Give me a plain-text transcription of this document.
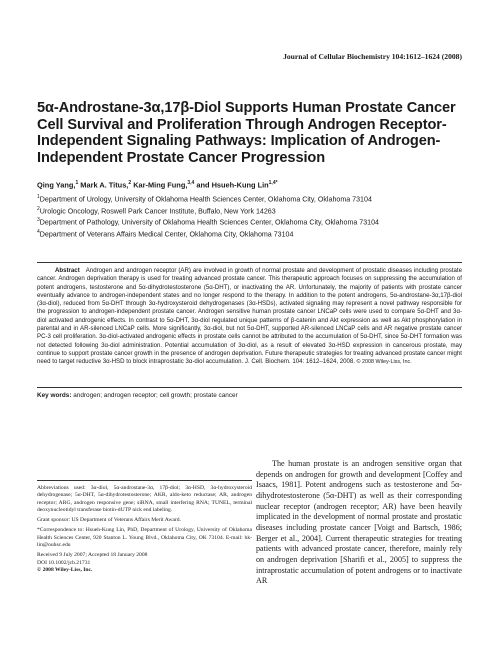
Journal of Cellular Biochemistry 104:1612–1624 (2008)
5α-Androstane-3α,17β-Diol Supports Human Prostate Cancer Cell Survival and Proliferation Through Androgen Receptor-Independent Signaling Pathways: Implication of Androgen-Independent Prostate Cancer Progression
Qing Yang,$^1$ Mark A. Titus,$^2$ Kar-Ming Fung,$^{3,4}$ and Hsueh-Kung Lin$^{1,4*}$
$^1$Department of Urology, University of Oklahoma Health Sciences Center, Oklahoma City, Oklahoma 73104
$^2$Urologic Oncology, Roswell Park Cancer Institute, Buffalo, New York 14263
$^3$Department of Pathology, University of Oklahoma Health Sciences Center, Oklahoma City, Oklahoma 73104
$^4$Department of Veterans Affairs Medical Center, Oklahoma City, Oklahoma 73104
Abstract Androgen and androgen receptor (AR) are involved in growth of normal prostate and development of prostatic diseases including prostate cancer. Androgen deprivation therapy is used for treating advanced prostate cancer. This therapeutic approach focuses on suppressing the accumulation of potent androgens, testosterone and 5α-dihydrotestosterone (5α-DHT), or inactivating the AR. Unfortunately, the majority of patients with prostate cancer eventually advance to androgen-independent states and no longer respond to the therapy. In addition to the potent androgens, 5α-androstane-3α,17β-diol (3α-diol), reduced from 5α-DHT through 3α-hydroxysteroid dehydrogenases (3α-HSDs), activated signaling may represent a novel pathway responsible for the progression to androgen-independent prostate cancer. Androgen sensitive human prostate cancer LNCaP cells were used to compare 5α-DHT and 3α-diol activated androgenic effects. In contrast to 5α-DHT, 3α-diol regulated unique patterns of β-catenin and Akt expression as well as Akt phosphorylation in parental and in AR-silenced LNCaP cells. More significantly, 3α-diol, but not 5α-DHT, supported AR-silenced LNCaP cells and AR negative prostate cancer PC-3 cell proliferation. 3α-diol-activated androgenic effects in prostate cells cannot be attributed to the accumulation of 5α-DHT, since 5α-DHT formation was not detected following 3α-diol administration. Potential accumulation of 3α-diol, as a result of elevated 3α-HSD expression in cancerous prostate, may continue to support prostate cancer growth in the presence of androgen deprivation. Future therapeutic strategies for treating advanced prostate cancer might need to target reductive 3α-HSD to block intraprostatic 3α-diol accumulation. J. Cell. Biochem. 104: 1612–1624, 2008. © 2008 Wiley-Liss, Inc.
Key words: androgen; androgen receptor; cell growth; prostate cancer
Abbreviations used: 3α-diol, 5α-androstane-3α, 17β-diol; 3α-HSD, 3α-hydroxysteroid dehydrogenase; 5α-DHT, 5α-dihydrotestosterone; AKR, aldo-keto reductase; AR, androgen receptor; ARG, androgen responsive gene; siRNA, small interfering RNA; TUNEL, terminal deoxynucleotidyl transferase biotin-dUTP nick end labeling.
Grant sponsor: US Department of Veterans Affairs Merit Award.
*Correspondence to: Hsueh-Kung Lin, PhD, Department of Urology, University of Oklahoma Health Sciences Center, 920 Stanton L. Young Blvd., Oklahoma City, OK 73104. E-mail: hk-lin@ouhsc.edu
Received 9 July 2007; Accepted 18 January 2008
DOI 10.1002/jcb.21731
© 2008 Wiley-Liss, Inc.
The human prostate is an androgen sensitive organ that depends on androgen for growth and development [Coffey and Isaacs, 1981]. Potent androgens such as testosterone and 5α-dihydrotestosterone (5α-DHT) as well as their corresponding nuclear receptor (androgen receptor; AR) have been heavily implicated in the development of normal prostate and prostatic diseases including prostate cancer [Voigt and Bartsch, 1986; Berger et al., 2004]. Current therapeutic strategies for treating patients with advanced prostate cancer, therefore, mainly rely on androgen deprivation [Sharifi et al., 2005] to suppress the intraprostatic accumulation of potent androgens or to inactivate AR
